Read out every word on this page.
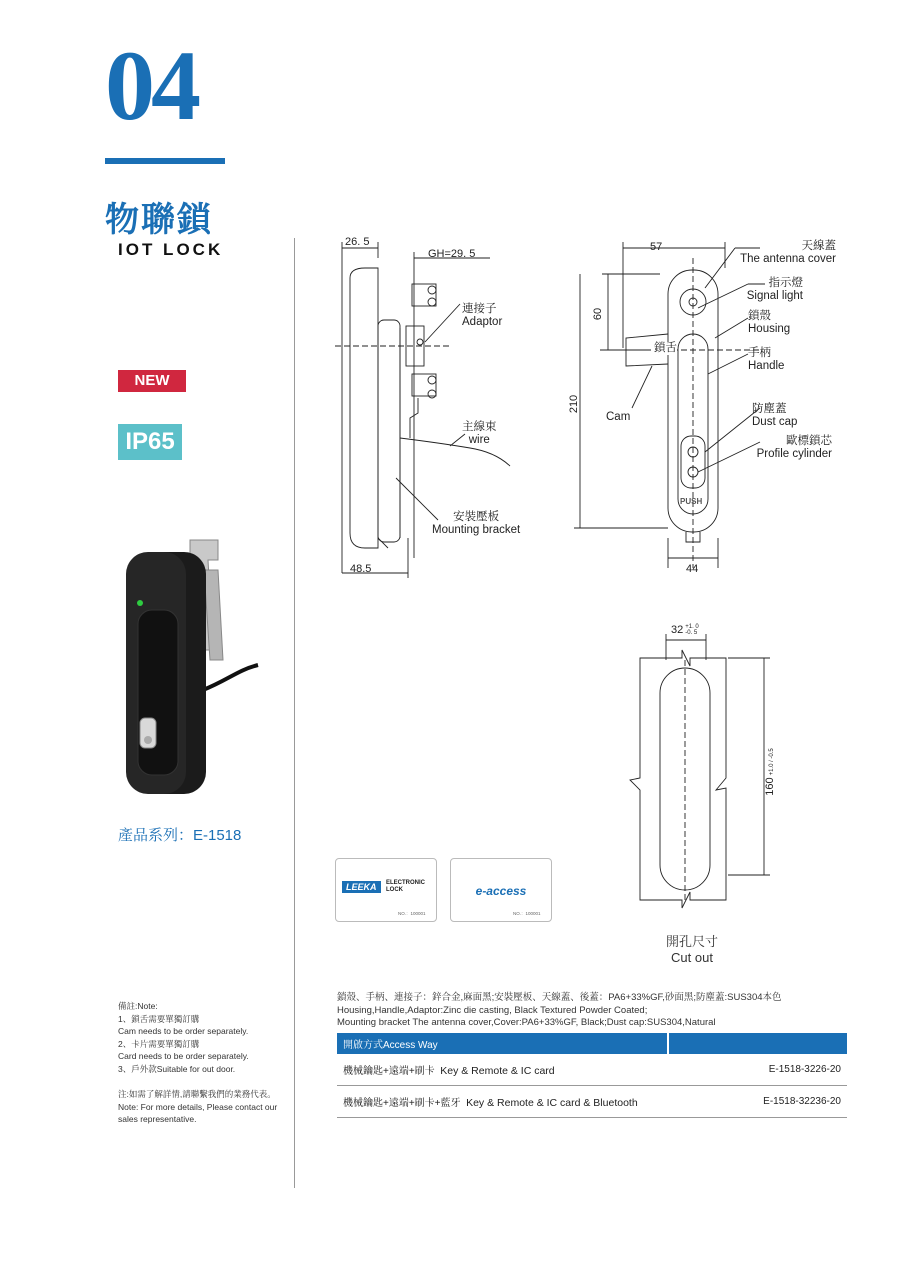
04
物聯鎖
IOT LOCK
NEW
IP65
產品系列：E-1518
備註:Note:
1、鎖舌需要單獨訂購
Cam needs to be order separately.
2、卡片需要單獨訂購
Card needs to be order separately.
3、戶外款Suitable for out door.
注:如需了解詳情,請聯繫我們的業務代表。
Note: For more details, Please contact our sales representative.
26. 5
GH=29. 5
48.5
連接子
Adaptor
主線束
wire
安裝壓板
Mounting bracket
57
60
210
44
鎖舌
Cam
PUSH
天線蓋
The antenna cover
指示燈
Signal light
鎖殼
Housing
手柄
Handle
防塵蓋
Dust cap
歐標鎖芯
Profile cylinder
32 +1. 0
-0. 5
160+1.0 / -0.5
開孔尺寸
Cut out
LEEKA	ELECTRONIC LOCK
NO.：100001
e-access
NO.：100001
鎖殼、手柄、連接子：鋅合金,麻面黑;安裝壓板、天線蓋、後蓋：PA6+33%GF,砂面黑;防塵蓋:SUS304本色
Housing,Handle,Adaptor:Zinc die casting, Black Textured Powder Coated;
Mounting bracket The antenna cover,Cover:PA6+33%GF, Black;Dust cap:SUS304,Natural
開啟方式Access Way	
機械鑰匙+遠端+刷卡 Key & Remote & IC card	E-1518-3226-20
機械鑰匙+遠端+刷卡+藍牙 Key & Remote & IC card & Bluetooth	E-1518-32236-20
